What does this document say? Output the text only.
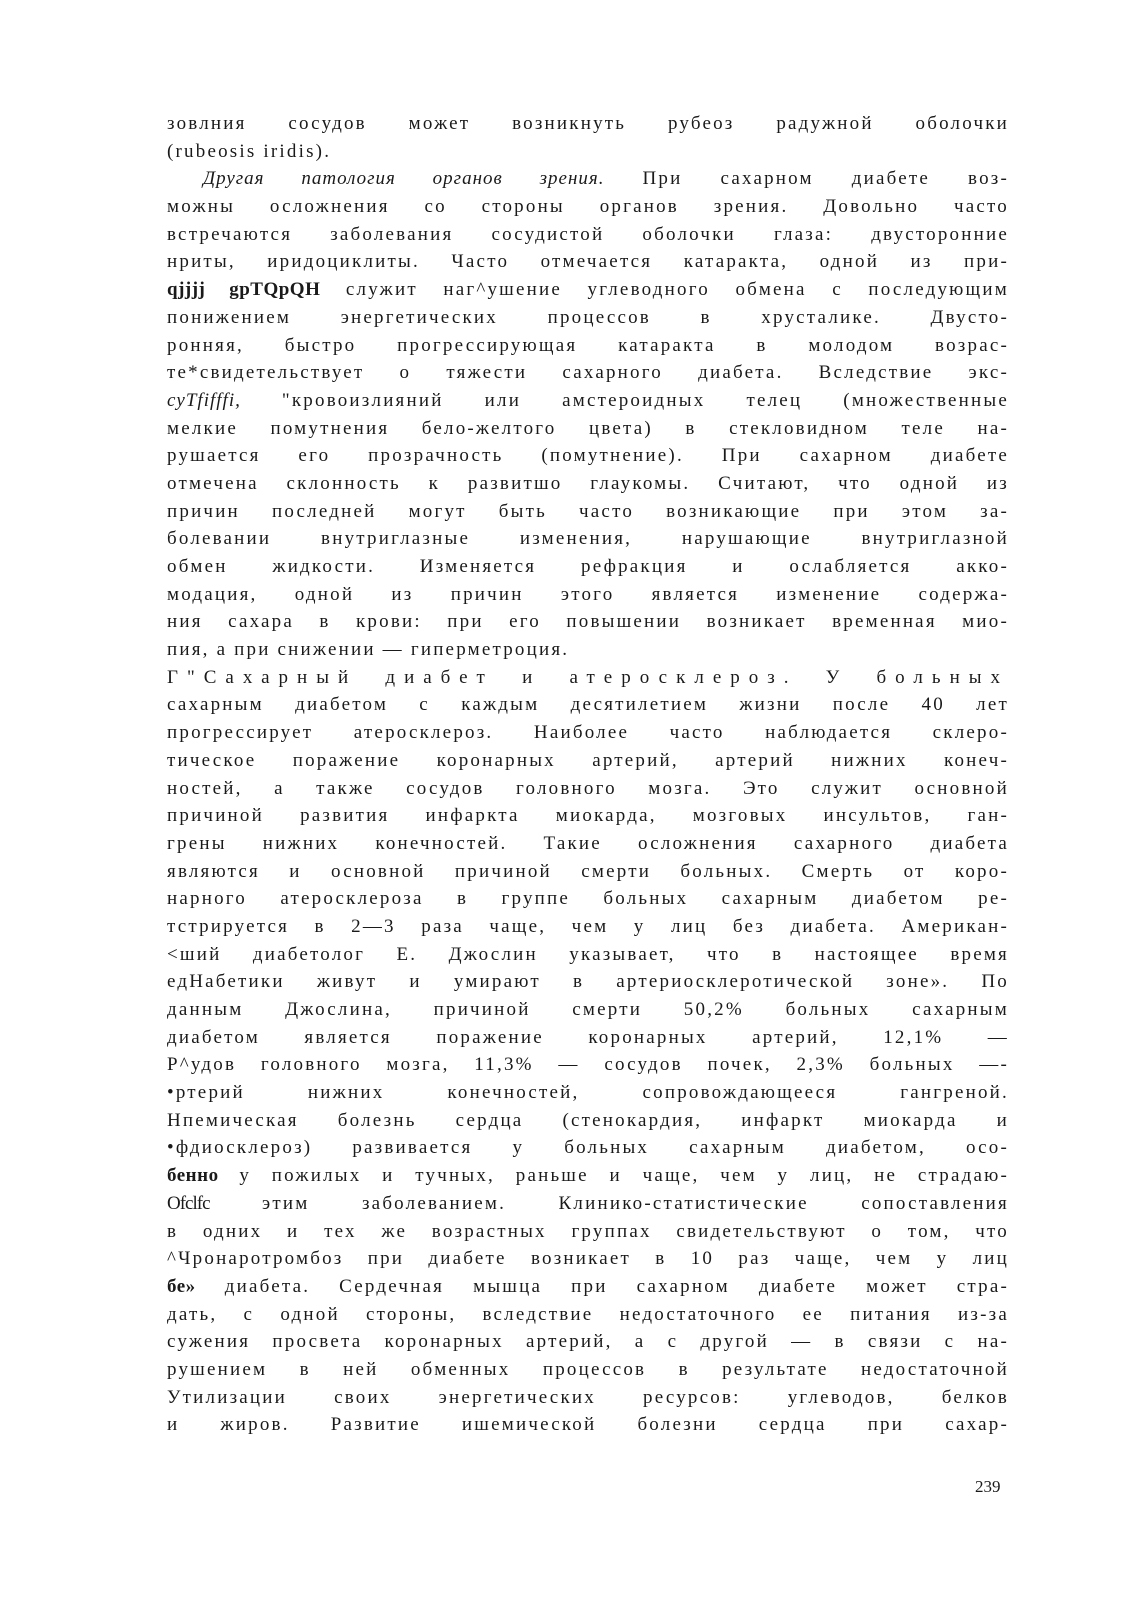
зовлния сосудов может возникнуть рубеоз радужной оболочки
(rubeosis iridis).
Другая патология органов зрения. При сахарном диабете воз-
можны осложнения со стороны органов зрения. Довольно часто
встречаются заболевания сосудистой оболочки глаза: двусторонние
нриты, иридоциклиты. Часто отмечается катаракта, одной из при-
qjjjj gpTQpQH служит наг^ушение углеводного обмена с последующим
понижением энергетических процессов в хрусталике. Двусто-
ронняя, быстро прогрессирующая катаракта в молодом возрас-
те*свидетельствует о тяжести сахарного диабета. Вследствие экс-
cyTfifffi, "кровоизлияний или амстероидных телец (множественные
мелкие помутнения бело-желтого цвета) в стекловидном теле на-
рушается его прозрачность (помутнение). При сахарном диабете
отмечена склонность к развитшо глаукомы. Считают, что одной из
причин последней могут быть часто возникающие при этом за-
болевании внутриглазные изменения, нарушающие внутриглазной
обмен жидкости. Изменяется рефракция и ослабляется акко-
модация, одной из причин этого является изменение содержа-
ния сахара в крови: при его повышении возникает временная мио-
пия, а при снижении — гиперметроция.
Г"Сахарный диабет и атеросклероз. У больных
сахарным диабетом с каждым десятилетием жизни после 40 лет
прогрессирует атеросклероз. Наиболее часто наблюдается склеро-
тическое поражение коронарных артерий, артерий нижних конеч-
ностей, а также сосудов головного мозга. Это служит основной
причиной развития инфаркта миокарда, мозговых инсультов, ган-
грены нижних конечностей. Такие осложнения сахарного диабета
являются и основной причиной смерти больных. Смерть от коро-
нарного атеросклероза в группе больных сахарным диабетом ре-
тстрируется в 2—3 раза чаще, чем у лиц без диабета. Американ-
<ший диабетолог Е. Джослин указывает, что в настоящее время
едНабетики живут и умирают в артериосклеротической зоне». По
данным Джослина, причиной смерти 50,2% больных сахарным
диабетом является поражение коронарных артерий, 12,1% —
Р^удов головного мозга, 11,3% — сосудов почек, 2,3% больных —-
•ртерий нижних конечностей, сопровождающееся гангреной.
Нпемическая болезнь сердца (стенокардия, инфаркт миокарда и
•фдиосклероз) развивается у больных сахарным диабетом, осо-
бенно у пожилых и тучных, раньше и чаще, чем у лиц, не страдаю-
Ofclfc	этим заболеванием. Клинико-статистические сопоставления
в одних и тех же возрастных группах свидетельствуют о том, что
^Чронаротромбоз при диабете возникает в 10 раз чаще, чем у лиц
бе» диабета. Сердечная мышца при сахарном диабете может стра-
дать, с одной стороны, вследствие недостаточного ее питания из-за
сужения просвета коронарных артерий, а с другой — в связи с на-
рушением в ней обменных процессов в результате недостаточной
Утилизации своих энергетических ресурсов: углеводов, белков
и жиров. Развитие ишемической болезни сердца при сахар-
239
